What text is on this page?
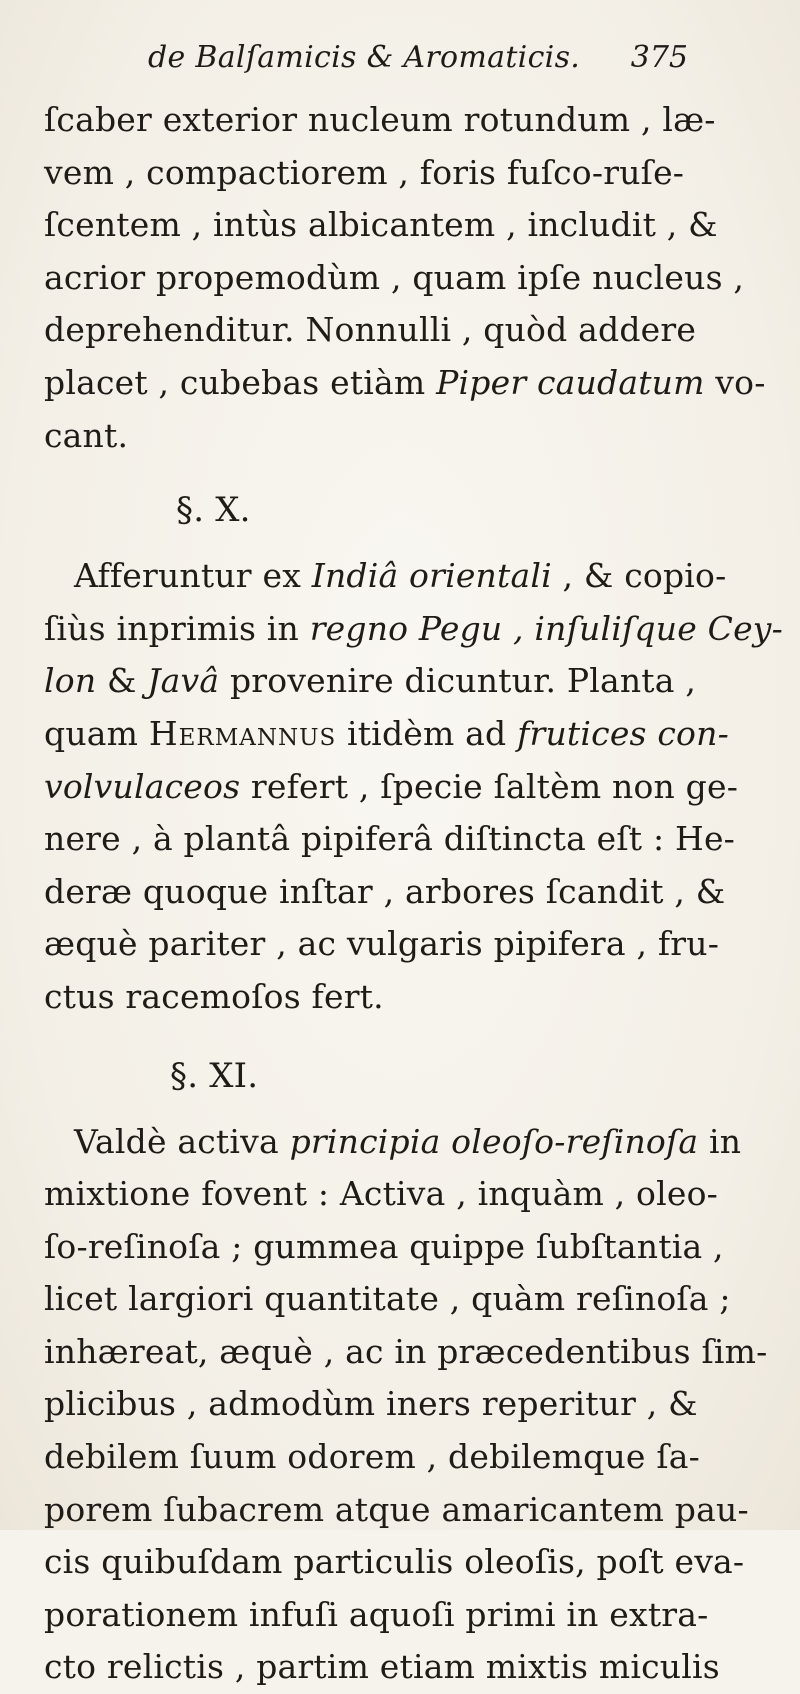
de Balſamicis & Aromaticis. 375
ſcaber exterior nucleum rotundum , læ-
vem , compactiorem , foris fuſco-ruſe-
ſcentem , intùs albicantem , includit , &
acrior propemodùm , quam ipſe nucleus ,
deprehenditur. Nonnulli , quòd addere
placet , cubebas etiàm Piper caudatum vo-
cant.
§. X.
Afferuntur ex Indiâ orientali , & copio-
ſiùs inprimis in regno Pegu , inſuliſque Cey-
lon & Javâ provenire dicuntur. Planta ,
quam Hermannus itidèm ad frutices con-
volvulaceos refert , ſpecie ſaltèm non ge-
nere , à plantâ pipiferâ diſtincta eſt : He-
deræ quoque inſtar , arbores ſcandit , &
æquè pariter , ac vulgaris pipifera , fru-
ctus racemoſos fert.
§. XI.
Valdè activa principia oleoſo-reſinoſa in
mixtione fovent : Activa , inquàm , oleo-
ſo-reſinoſa ; gummea quippe ſubſtantia ,
licet largiori quantitate , quàm reſinoſa ;
inhæreat, æquè , ac in præcedentibus ſim-
plicibus , admodùm iners reperitur , &
debilem ſuum odorem , debilemque ſa-
porem ſubacrem atque amaricantem pau-
cis quibuſdam particulis oleoſis, poſt eva-
porationem infuſi aquoſi primi in extra-
cto relictis , partim etiam mixtis miculis
